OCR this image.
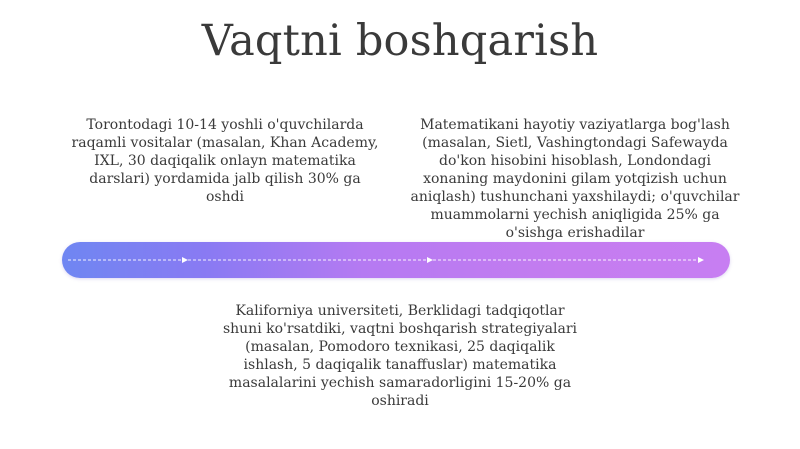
Vaqtni boshqarish

Torontodagi 10-14 yoshli o'quvchilarda raqamli vositalar (masalan, Khan Academy, IXL, 30 daqiqalik onlayn matematika darslari) yordamida jalb qilish 30% ga oshdi

Matematikani hayotiy vaziyatlarga bog'lash (masalan, Sietl, Vashingtondagi Safewayda do'kon hisobini hisoblash, Londondagi xonaning maydonini gilam yotqizish uchun aniqlash) tushunchani yaxshilaydi; o'quvchilar muammolarni yechish aniqligida 25% ga o'sishga erishadilar

Kaliforniya universiteti, Berklidagi tadqiqotlar shuni ko'rsatdiki, vaqtni boshqarish strategiyalari (masalan, Pomodoro texnikasi, 25 daqiqalik ishlash, 5 daqiqalik tanaffuslar) matematika masalalarini yechish samaradorligini 15-20% ga oshiradi
